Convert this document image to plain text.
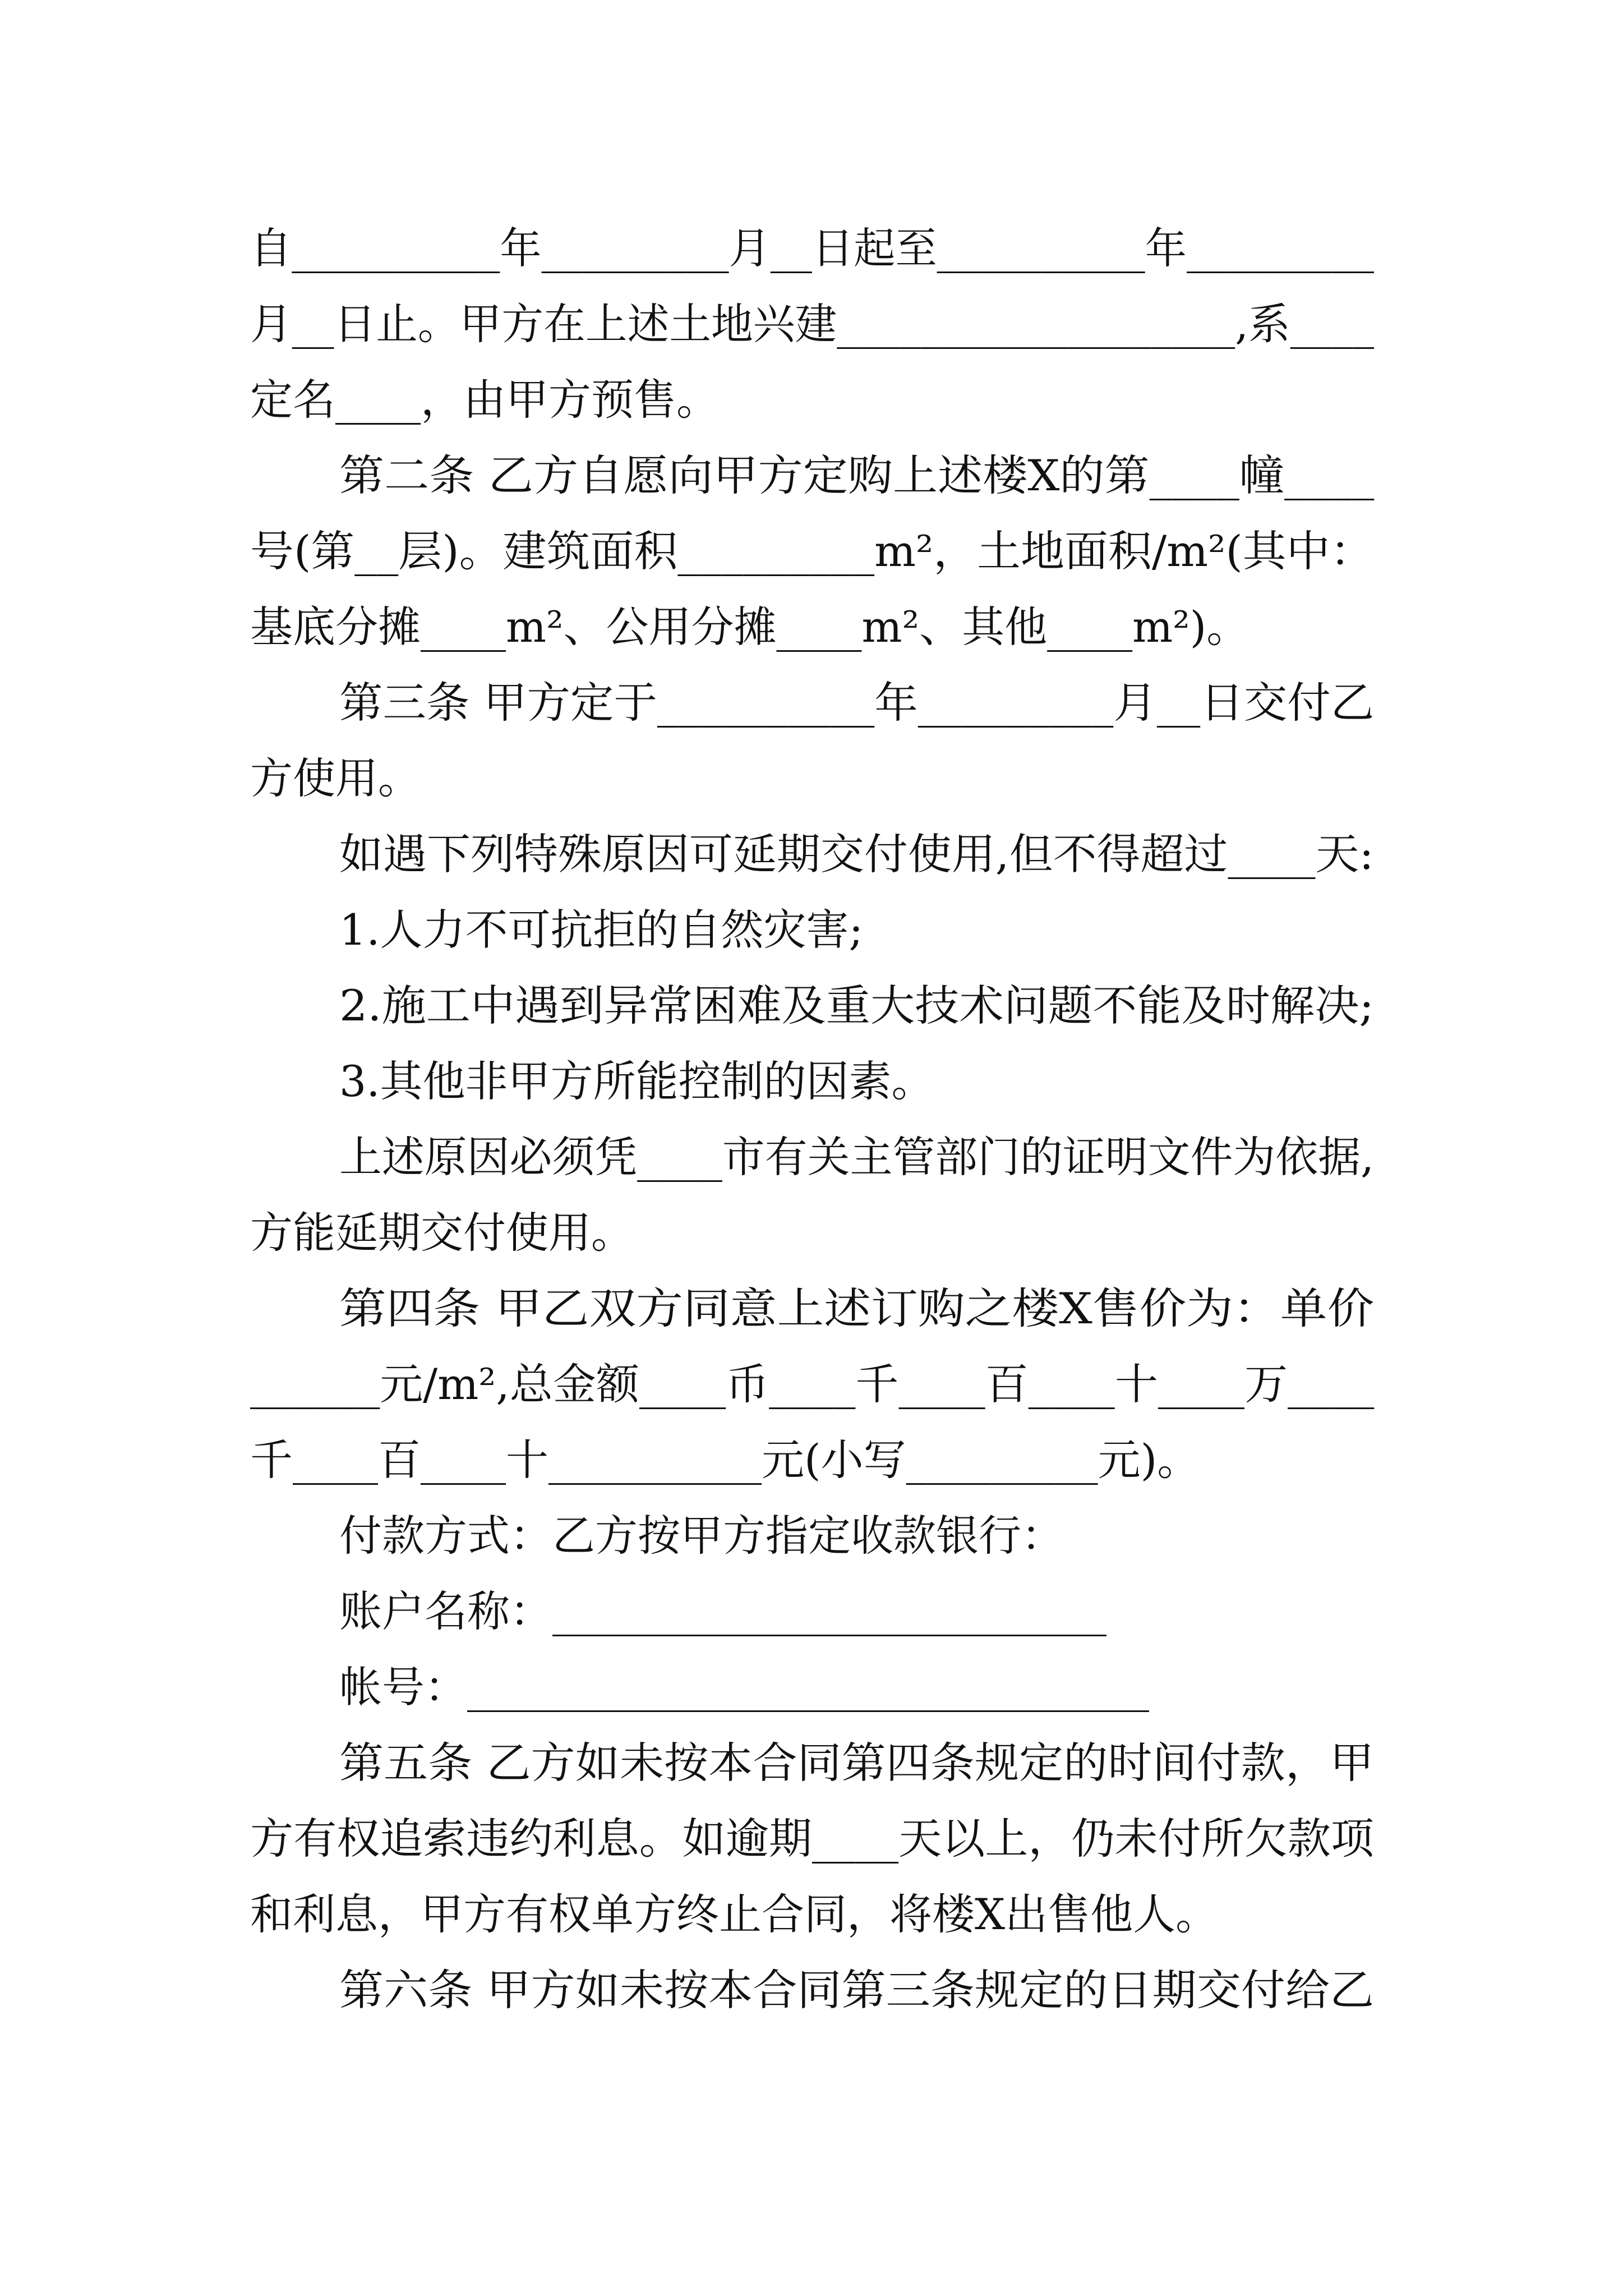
自__________年_________月__日起至__________年_________

月__日止。甲方在上述土地兴建___________________,系____

定名____，由甲方预售。

第二条 乙方自愿向甲方定购上述楼X的第____幢____

号(第__层)。建筑面积_________m²，土地面积/m²(其中：

基底分摊____m²、公用分摊____m²、其他____m²)。

第三条 甲方定于__________年_________月__日交付乙

方使用。

如遇下列特殊原因可延期交付使用,但不得超过____天:

1.人力不可抗拒的自然灾害;

2.施工中遇到异常困难及重大技术问题不能及时解决;

3.其他非甲方所能控制的因素。

上述原因必须凭____市有关主管部门的证明文件为依据,

方能延期交付使用。

第四条 甲乙双方同意上述订购之楼X售价为：单价

______元/m²,总金额____币____千____百____十____万____

千____百____十__________元(小写_________元)。

付款方式：乙方按甲方指定收款银行：

账户名称：__________________________

帐号：________________________________

第五条 乙方如未按本合同第四条规定的时间付款，甲

方有权追索违约利息。如逾期____天以上，仍未付所欠款项

和利息，甲方有权单方终止合同，将楼X出售他人。

第六条 甲方如未按本合同第三条规定的日期交付给乙
